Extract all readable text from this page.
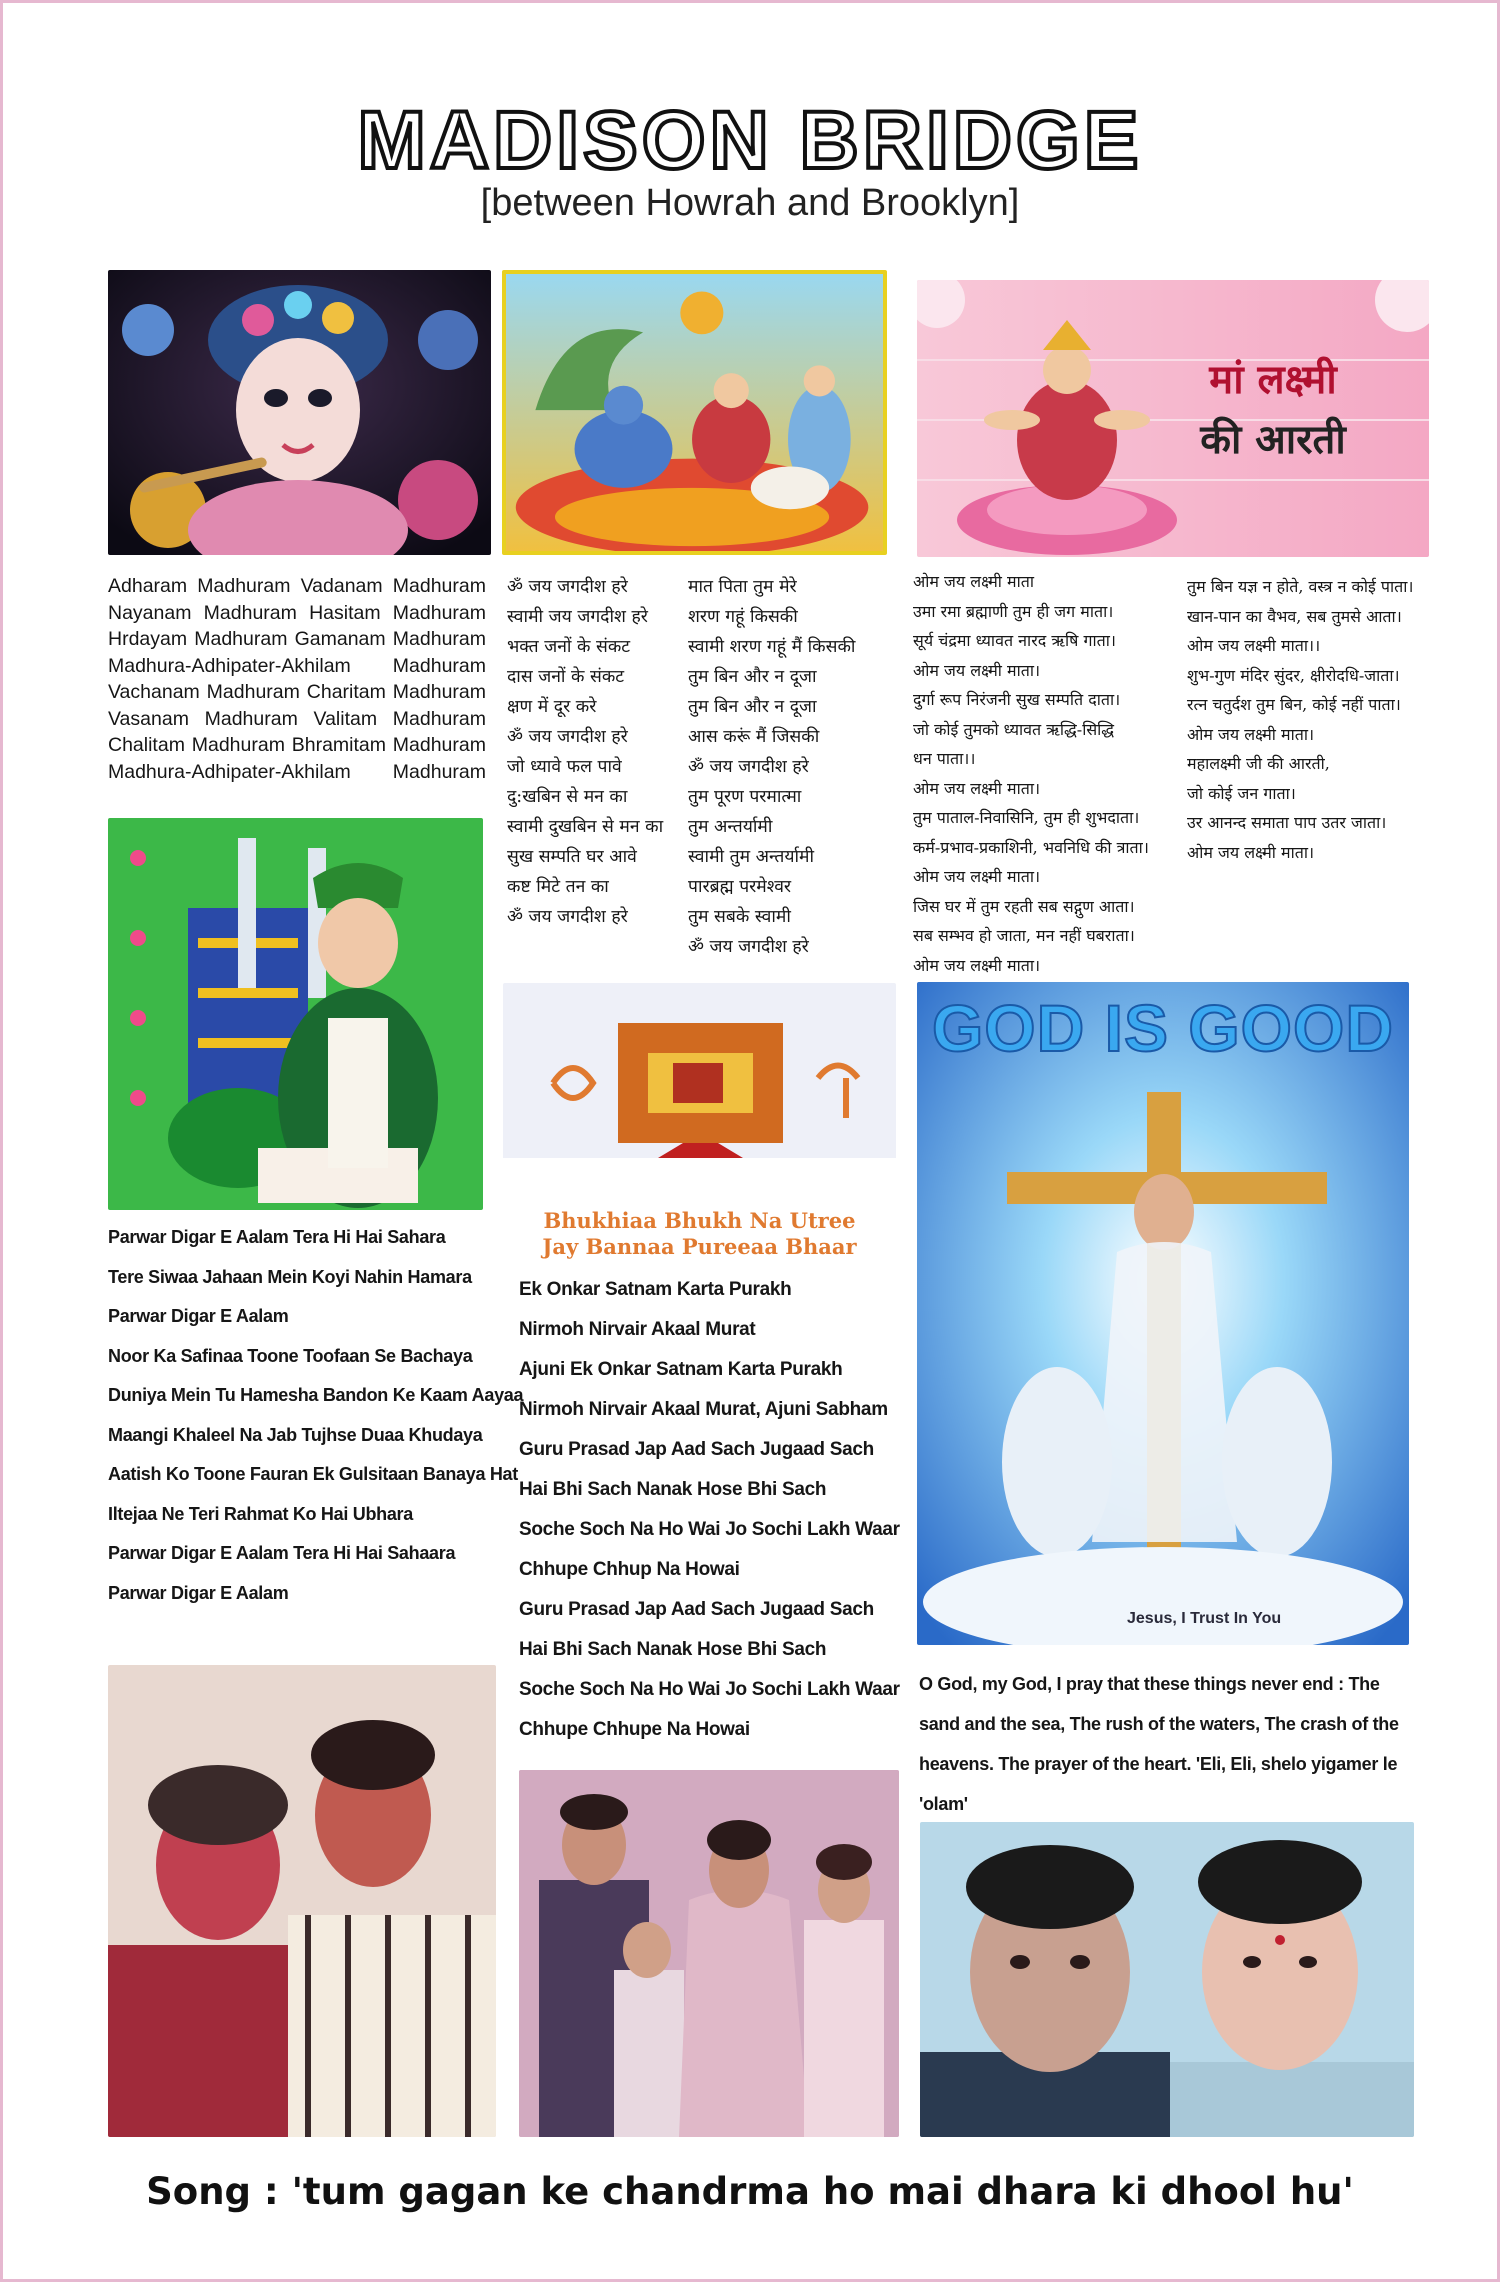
MADISON BRIDGE
[between Howrah and Brooklyn]
मां लक्ष्मी
की आरती
Adharam Madhuram Vadanam Madhuram
Nayanam Madhuram Hasitam Madhuram
Hrdayam Madhuram Gamanam Madhuram
Madhura-Adhipater-Akhilam Madhuram
Vachanam Madhuram Charitam Madhuram
Vasanam Madhuram Valitam Madhuram
Chalitam Madhuram Bhramitam Madhuram
Madhura-Adhipater-Akhilam Madhuram
ॐ जय जगदीश हरे
स्वामी जय जगदीश हरे
भक्त जनों के संकट
दास जनों के संकट
क्षण में दूर करे
ॐ जय जगदीश हरे
जो ध्यावे फल पावे
दु:खबिन से मन का
स्वामी दुखबिन से मन का
सुख सम्पति घर आवे
कष्ट मिटे तन का
ॐ जय जगदीश हरे
मात पिता तुम मेरे
शरण गहूं किसकी
स्वामी शरण गहूं मैं किसकी
तुम बिन और न दूजा
तुम बिन और न दूजा
आस करूं मैं जिसकी
ॐ जय जगदीश हरे
तुम पूरण परमात्मा
तुम अन्तर्यामी
स्वामी तुम अन्तर्यामी
पारब्रह्म परमेश्वर
तुम सबके स्वामी
ॐ जय जगदीश हरे
ओम जय लक्ष्मी माता
उमा रमा ब्रह्माणी तुम ही जग माता।
सूर्य चंद्रमा ध्यावत नारद ऋषि गाता।
ओम जय लक्ष्मी माता।
दुर्गा रूप निरंजनी सुख सम्पति दाता।
जो कोई तुमको ध्यावत ऋद्धि-सिद्धि
धन पाता।।
ओम जय लक्ष्मी माता।
तुम पाताल-निवासिनि, तुम ही शुभदाता।
कर्म-प्रभाव-प्रकाशिनी, भवनिधि की त्राता।
ओम जय लक्ष्मी माता।
जिस घर में तुम रहती सब सद्गुण आता।
सब सम्भव हो जाता, मन नहीं घबराता।
ओम जय लक्ष्मी माता।
तुम बिन यज्ञ न होते, वस्त्र न कोई पाता।
खान-पान का वैभव, सब तुमसे आता।
ओम जय लक्ष्मी माता।।
शुभ-गुण मंदिर सुंदर, क्षीरोदधि-जाता।
रत्न चतुर्दश तुम बिन, कोई नहीं पाता।
ओम जय लक्ष्मी माता।
महालक्ष्मी जी की आरती,
जो कोई जन गाता।
उर आनन्द समाता पाप उतर जाता।
ओम जय लक्ष्मी माता।
Parwar Digar E Aalam Tera Hi Hai Sahara
Tere Siwaa Jahaan Mein Koyi Nahin Hamara
Parwar Digar E Aalam
Noor Ka Safinaa Toone Toofaan Se Bachaya
Duniya Mein Tu Hamesha Bandon Ke Kaam Aayaa
Maangi Khaleel Na Jab Tujhse Duaa Khudaya
Aatish Ko Toone Fauran Ek Gulsitaan Banaya Hat
Iltejaa Ne Teri Rahmat Ko Hai Ubhara
Parwar Digar E Aalam Tera Hi Hai Sahaara
Parwar Digar E Aalam
Bhukhiaa Bhukh Na Utree
Jay Bannaa Pureeaa Bhaar
Ek Onkar Satnam Karta Purakh
Nirmoh Nirvair Akaal Murat
Ajuni Ek Onkar Satnam Karta Purakh
Nirmoh Nirvair Akaal Murat, Ajuni Sabham
Guru Prasad Jap Aad Sach Jugaad Sach
Hai Bhi Sach Nanak Hose Bhi Sach
Soche Soch Na Ho Wai Jo Sochi Lakh Waar
Chhupe Chhup Na Howai
Guru Prasad Jap Aad Sach Jugaad Sach
Hai Bhi Sach Nanak Hose Bhi Sach
Soche Soch Na Ho Wai Jo Sochi Lakh Waar
Chhupe Chhupe Na Howai
GOD IS GOOD
Jesus, I Trust In You
O God, my God, I pray that these things never end : The sand and the sea, The rush of the waters, The crash of the heavens. The prayer of the heart. 'Eli, Eli, shelo yigamer le 'olam'
Song : 'tum gagan ke chandrma ho mai dhara ki dhool hu'
